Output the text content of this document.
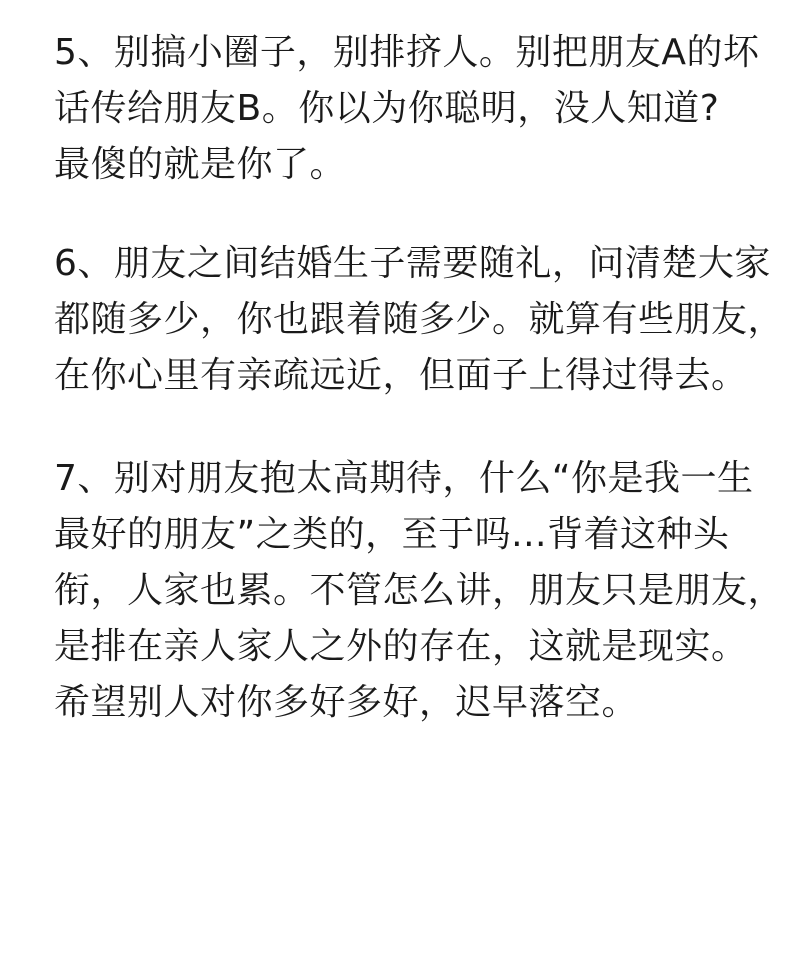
5、别搞小圈子，别排挤人。别把朋友A的坏
话传给朋友B。你以为你聪明，没人知道?
最傻的就是你了。

6、朋友之间结婚生子需要随礼，问清楚大家
都随多少，你也跟着随多少。就算有些朋友，
在你心里有亲疏远近，但面子上得过得去。

7、别对朋友抱太高期待，什么“你是我一生
最好的朋友”之类的，至于吗...背着这种头
衔，人家也累。不管怎么讲，朋友只是朋友，
是排在亲人家人之外的存在，这就是现实。
希望别人对你多好多好，迟早落空。
